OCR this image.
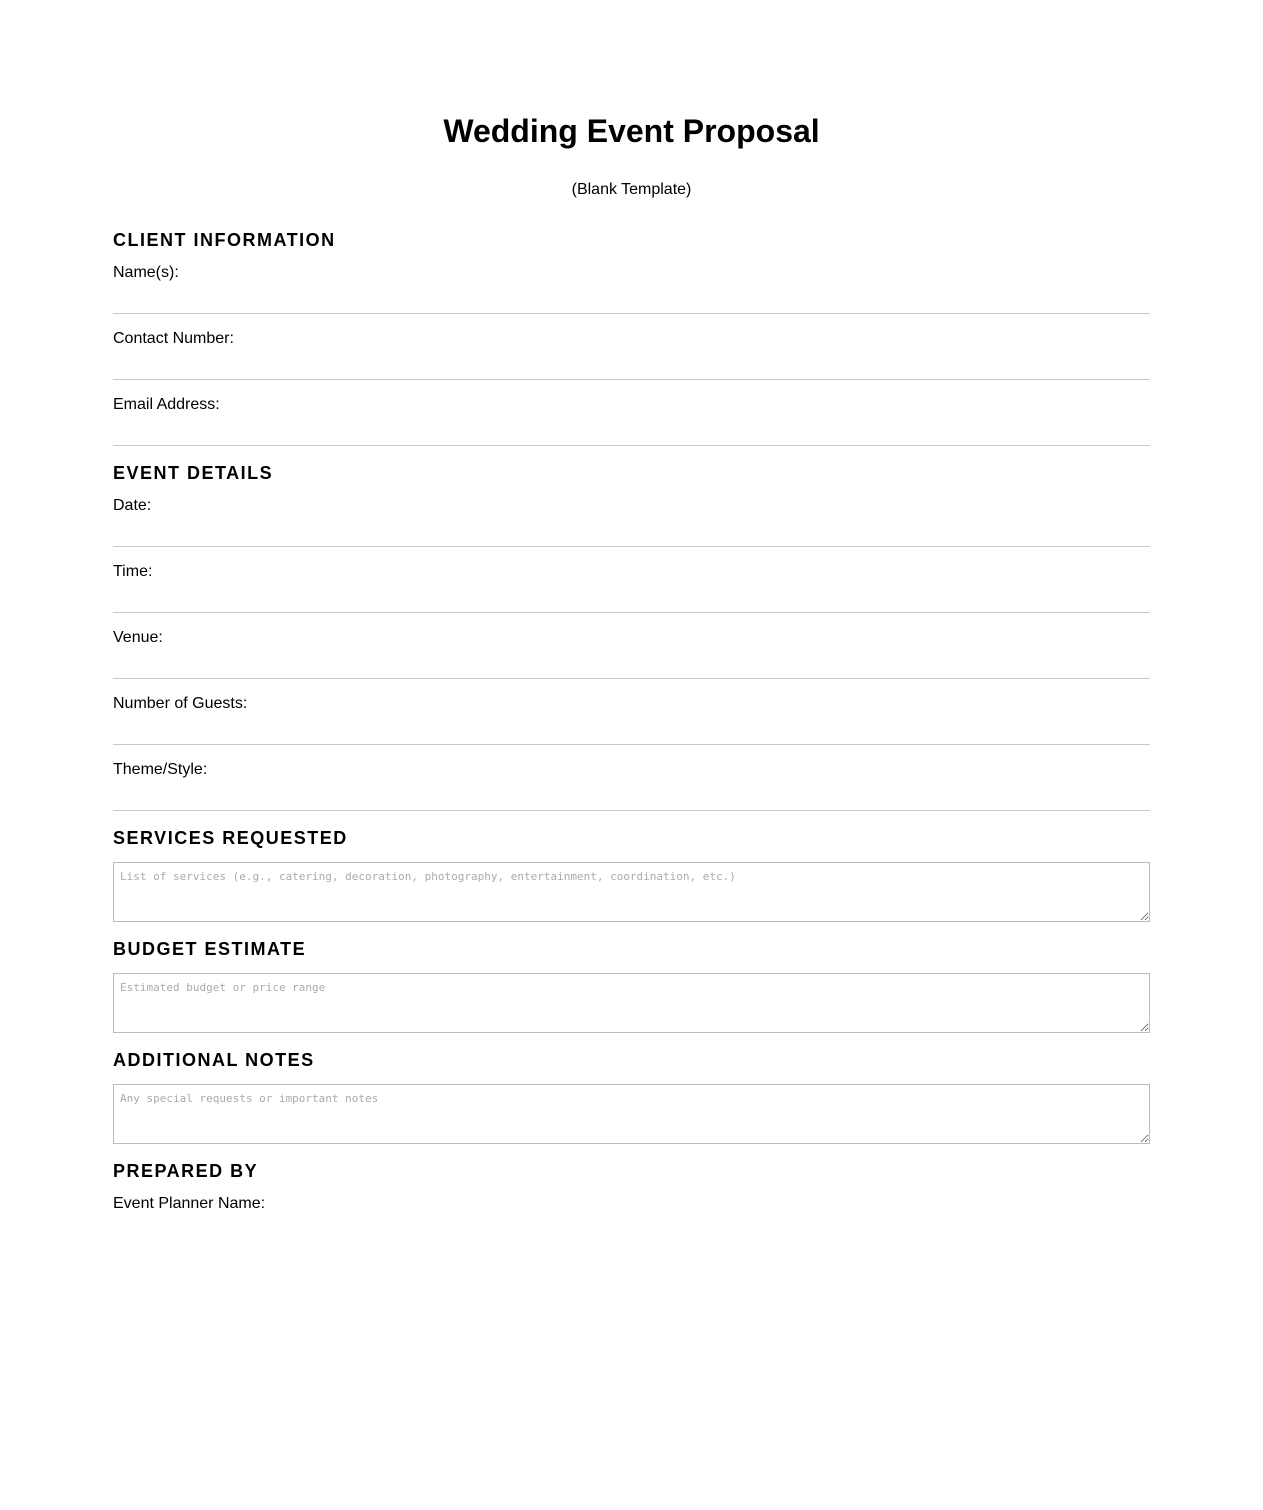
Wedding Event Proposal
(Blank Template)
CLIENT INFORMATION
Name(s):
Contact Number:
Email Address:
EVENT DETAILS
Date:
Time:
Venue:
Number of Guests:
Theme/Style:
SERVICES REQUESTED
List of services (e.g., catering, decoration, photography, entertainment, coordination, etc.)
BUDGET ESTIMATE
Estimated budget or price range
ADDITIONAL NOTES
Any special requests or important notes
PREPARED BY
Event Planner Name:
